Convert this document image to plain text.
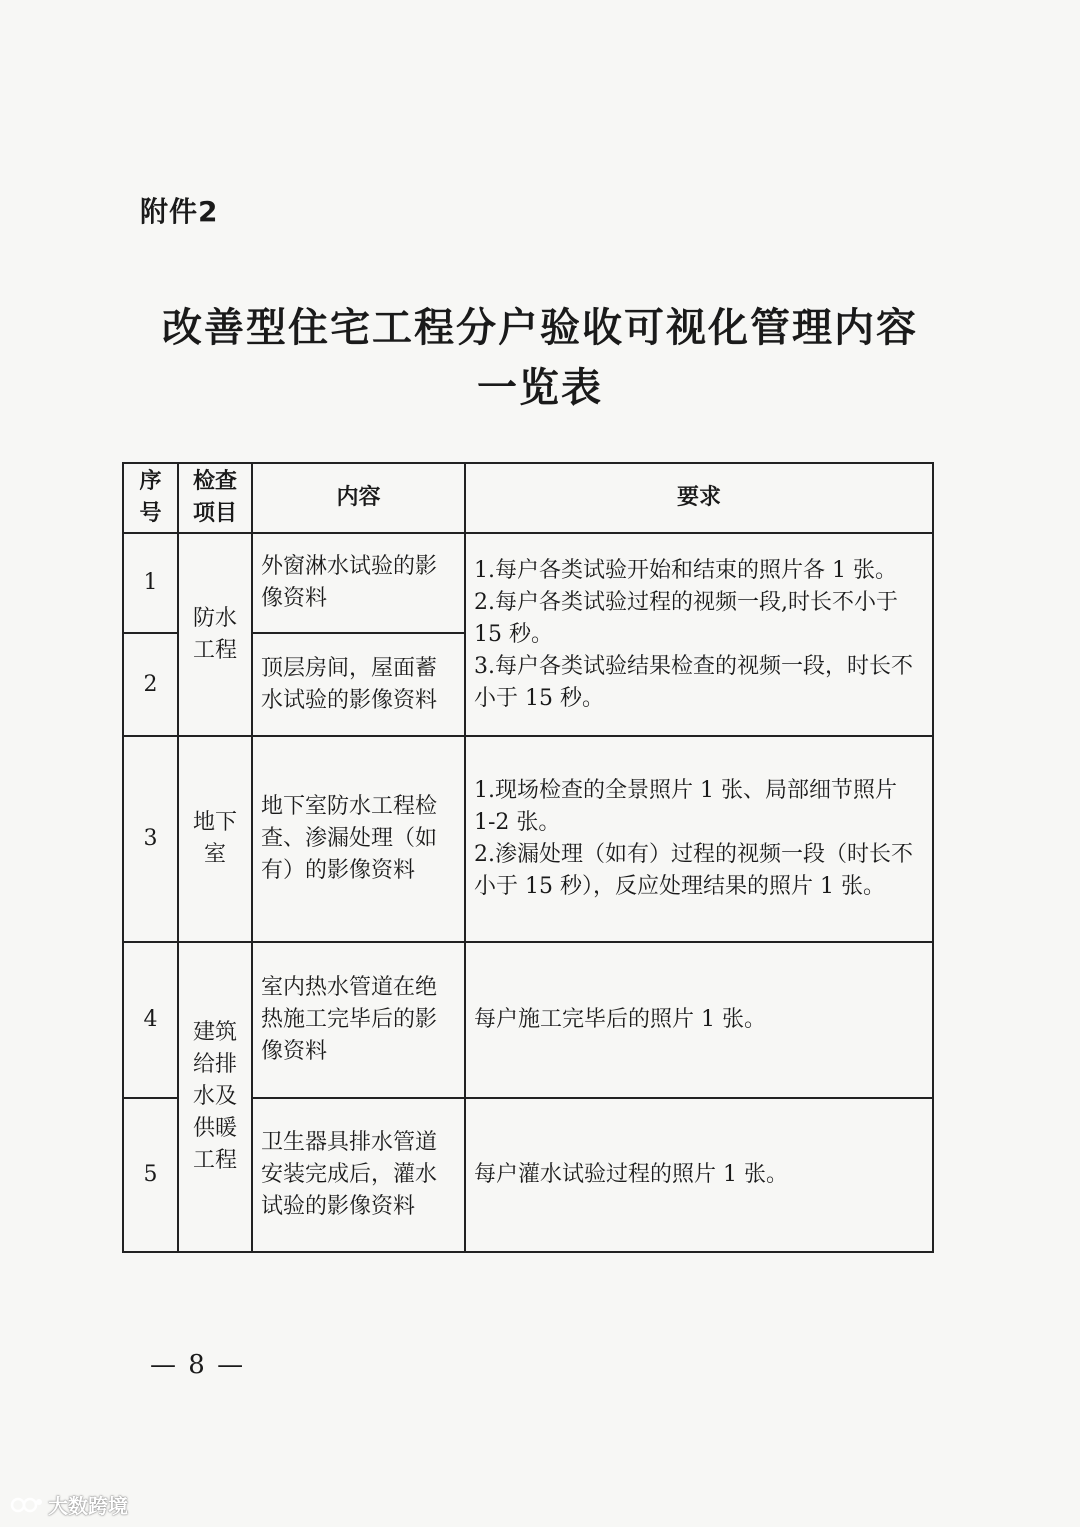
附件2
改善型住宅工程分户验收可视化管理内容
一览表
序号	检查项目	内容	要求
1	防水工程	外窗淋水试验的影像资料	1.每户各类试验开始和结束的照片各 1 张。
2.每户各类试验过程的视频一段,时长不小于 15 秒。
3.每户各类试验结果检查的视频一段，时长不小于 15 秒。

2		顶层房间，屋面蓄水试验的影像资料	
3	地下室	地下室防水工程检查、渗漏处理（如有）的影像资料	1.现场检查的全景照片 1 张、局部细节照片 1-2 张。
2.渗漏处理（如有）过程的视频一段（时长不小于 15 秒），反应处理结果的照片 1 张。

4	建筑给排水及供暖工程	室内热水管道在绝热施工完毕后的影像资料	每户施工完毕后的照片 1 张。
5		卫生器具排水管道安装完成后，灌水试验的影像资料	每户灌水试验过程的照片 1 张。
— 8 —
大数跨境
